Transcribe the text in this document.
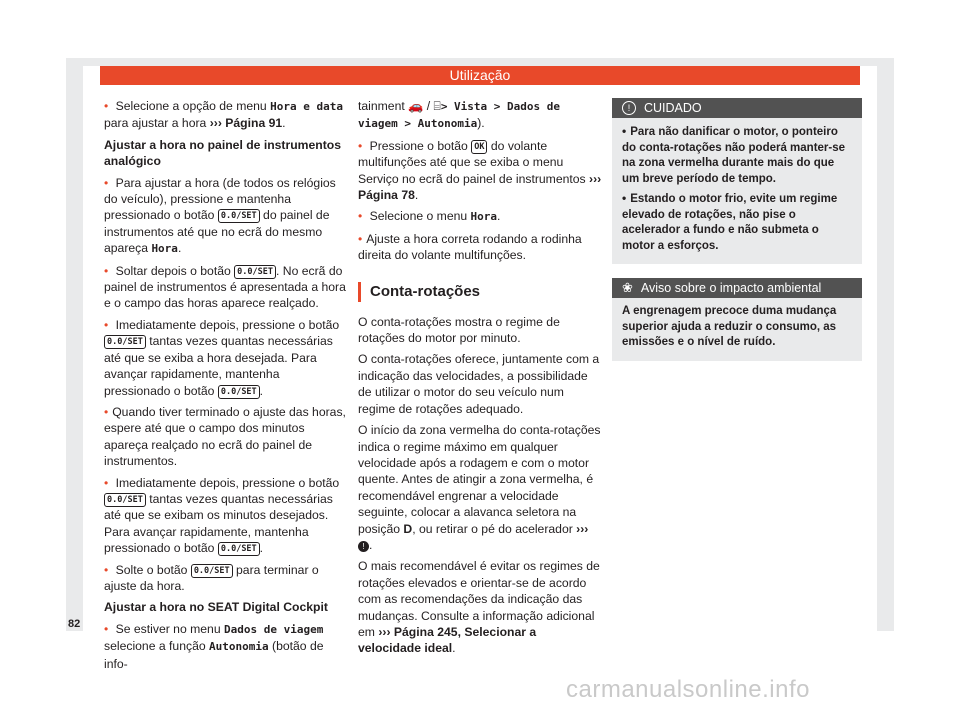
Utilização

• Selecione a opção de menu Hora e data para ajustar a hora ››› Página 91.

Ajustar a hora no painel de instrumentos analógico

• Para ajustar a hora (de todos os relógios do veículo), pressione e mantenha pressionado o botão 0.0/SET do painel de instrumentos até que no ecrã do mesmo apareça Hora.

• Soltar depois o botão 0.0/SET . No ecrã do painel de instrumentos é apresentada a hora e o campo das horas aparece realçado.

• Imediatamente depois, pressione o botão 0.0/SET tantas vezes quantas necessárias até que se exiba a hora desejada. Para avançar rapidamente, mantenha pressionado o botão 0.0/SET .

• Quando tiver terminado o ajuste das horas, espere até que o campo dos minutos apareça realçado no ecrã do painel de instrumentos.

• Imediatamente depois, pressione o botão 0.0/SET tantas vezes quantas necessárias até que se exibam os minutos desejados. Para avançar rapidamente, mantenha pressionado o botão 0.0/SET .

• Solte o botão 0.0/SET para terminar o ajuste da hora.

Ajustar a hora no SEAT Digital Cockpit

• Se estiver no menu Dados de viagem selecione a função Autonomia (botão de info-

tainment 🚗 / ⌸> Vista > Dados de viagem > Autonomia).

• Pressione o botão OK do volante multifunções até que se exiba o menu Serviço no ecrã do painel de instrumentos ››› Página 78.

• Selecione o menu Hora.

• Ajuste a hora correta rodando a rodinha direita do volante multifunções.

Conta-rotações

O conta-rotações mostra o regime de rotações do motor por minuto.

O conta-rotações oferece, juntamente com a indicação das velocidades, a possibilidade de utilizar o motor do seu veículo num regime de rotações adequado.

O início da zona vermelha do conta-rotações indica o regime máximo em qualquer velocidade após a rodagem e com o motor quente. Antes de atingir a zona vermelha, é recomendável engrenar a velocidade seguinte, colocar a alavanca seletora na posição D, ou retirar o pé do acelerador ››› ! .

O mais recomendável é evitar os regimes de rotações elevados e orientar-se de acordo com as recomendações da indicação das mudanças. Consulte a informação adicional em ››› Página 245, Selecionar a velocidade ideal.

!	CUIDADO

• Para não danificar o motor, o ponteiro do conta-rotações não poderá manter-se na zona vermelha durante mais do que um breve período de tempo.

• Estando o motor frio, evite um regime elevado de rotações, não pise o acelerador a fundo e não submeta o motor a esforços.

❀ Aviso sobre o impacto ambiental

A engrenagem precoce duma mudança superior ajuda a reduzir o consumo, as emissões e o nível de ruído.

82
carmanualsonline.info
